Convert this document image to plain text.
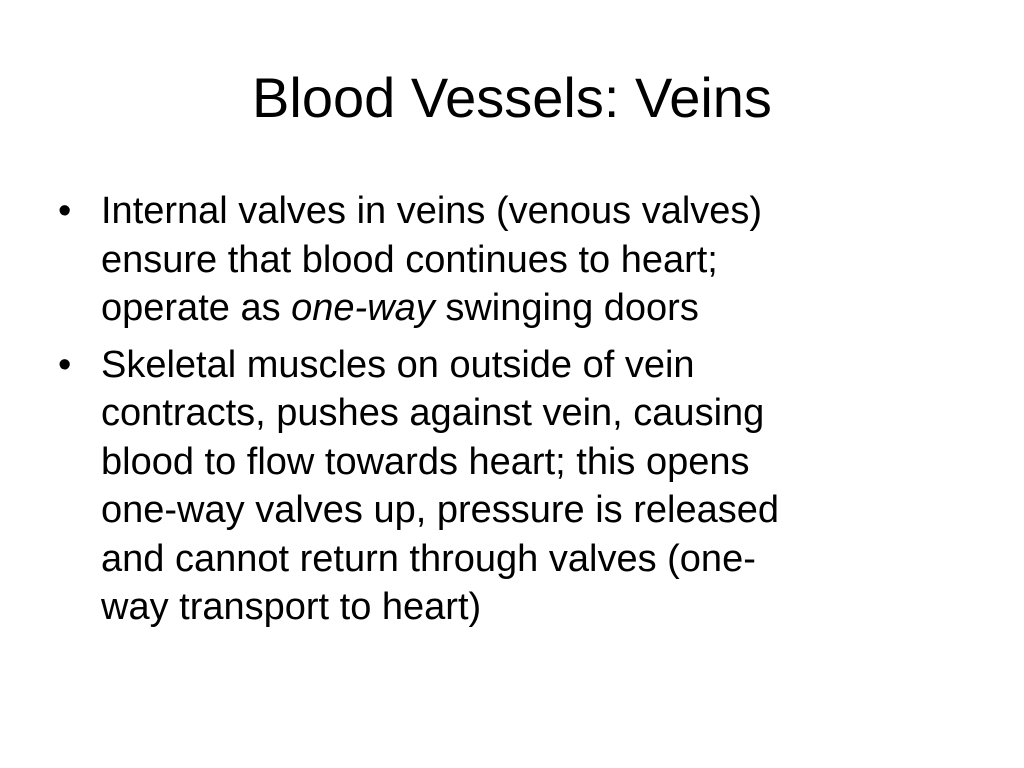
Blood Vessels: Veins
• Internal valves in veins (venous valves)
ensure that blood continues to heart;
operate as one-way swinging doors
• Skeletal muscles on outside of vein
contracts, pushes against vein, causing
blood to flow towards heart; this opens
one-way valves up, pressure is released
and cannot return through valves (one-
way transport to heart)
